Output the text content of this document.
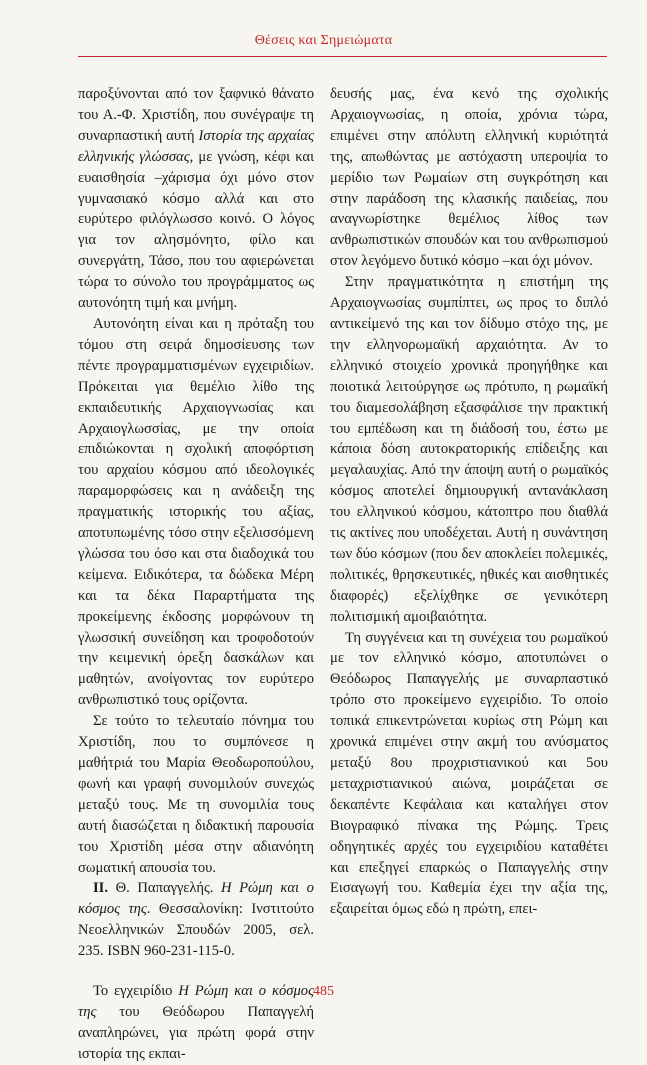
Θέσεις και Σημειώματα

παροξύνονται από τον ξαφνικό θάνατο του Α.-Φ. Χριστίδη, που συνέγραψε τη συναρπαστική αυτή Ιστορία της αρχαίας ελληνικής γλώσσας, με γνώση, κέφι και ευαισθησία –χάρισμα όχι μόνο στον γυμνασιακό κόσμο αλλά και στο ευρύτερο φιλόγλωσσο κοινό. Ο λόγος για τον αλησμόνητο, φίλο και συνεργάτη, Τάσο, που του αφιερώνεται τώρα το σύνολο του προγράμματος ως αυτονόητη τιμή και μνήμη.

Αυτονόητη είναι και η πρόταξη του τόμου στη σειρά δημοσίευσης των πέντε προγραμματισμένων εγχειριδίων. Πρόκειται για θεμέλιο λίθο της εκπαιδευτικής Αρχαιογνωσίας και Αρχαιογλωσσίας, με την οποία επιδιώκονται η σχολική αποφόρτιση του αρχαίου κόσμου από ιδεολογικές παραμορφώσεις και η ανάδειξη της πραγματικής ιστορικής του αξίας, αποτυπωμένης τόσο στην εξελισσόμενη γλώσσα του όσο και στα διαδοχικά του κείμενα. Ειδικότερα, τα δώδεκα Μέρη και τα δέκα Παραρτήματα της προκείμενης έκδοσης μορφώνουν τη γλωσσική συνείδηση και τροφοδοτούν την κειμενική όρεξη δασκάλων και μαθητών, ανοίγοντας τον ευρύτερο ανθρωπιστικό τους ορίζοντα.

Σε τούτο το τελευταίο πόνημα του Χριστίδη, που το συμπόνεσε η μαθήτριά του Μαρία Θεοδωροπούλου, φωνή και γραφή συνομιλούν συνεχώς μεταξύ τους. Με τη συνομιλία τους αυτή διασώζεται η διδακτική παρουσία του Χριστίδη μέσα στην αδιανόητη σωματική απουσία του.

ΙΙ. Θ. Παπαγγελής. Η Ρώμη και ο κόσμος της. Θεσσαλονίκη: Ινστιτούτο Νεοελληνικών Σπουδών 2005, σελ. 235. ISBN 960-231-115-0.

Το εγχειρίδιο Η Ρώμη και ο κόσμος της του Θεόδωρου Παπαγγελή αναπληρώνει, για πρώτη φορά στην ιστορία της εκπαι-

δευσής μας, ένα κενό της σχολικής Αρχαιογνωσίας, η οποία, χρόνια τώρα, επιμένει στην απόλυτη ελληνική κυριότητά της, απωθώντας με αστόχαστη υπεροψία το μερίδιο των Ρωμαίων στη συγκρότηση και στην παράδοση της κλασικής παιδείας, που αναγνωρίστηκε θεμέλιος λίθος των ανθρωπιστικών σπουδών και του ανθρωπισμού στον λεγόμενο δυτικό κόσμο –και όχι μόνον.

Στην πραγματικότητα η επιστήμη της Αρχαιογνωσίας συμπίπτει, ως προς το διπλό αντικείμενό της και τον δίδυμο στόχο της, με την ελληνορωμαϊκή αρχαιότητα. Αν το ελληνικό στοιχείο χρονικά προηγήθηκε και ποιοτικά λειτούργησε ως πρότυπο, η ρωμαϊκή του διαμεσολάβηση εξασφάλισε την πρακτική του εμπέδωση και τη διάδοσή του, έστω με κάποια δόση αυτοκρατορικής επίδειξης και μεγαλαυχίας. Από την άποψη αυτή ο ρωμαϊκός κόσμος αποτελεί δημιουργική αντανάκλαση του ελληνικού κόσμου, κάτοπτρο που διαθλά τις ακτίνες που υποδέχεται. Αυτή η συνάντηση των δύο κόσμων (που δεν αποκλείει πολεμικές, πολιτικές, θρησκευτικές, ηθικές και αισθητικές διαφορές) εξελίχθηκε σε γενικότερη πολιτισμική αμοιβαιότητα.

Τη συγγένεια και τη συνέχεια του ρωμαϊκού με τον ελληνικό κόσμο, αποτυπώνει ο Θεόδωρος Παπαγγελής με συναρπαστικό τρόπο στο προκείμενο εγχειρίδιο. Το οποίο τοπικά επικεντρώνεται κυρίως στη Ρώμη και χρονικά επιμένει στην ακμή του ανύσματος μεταξύ 8ου προχριστιανικού και 5ου μεταχριστιανικού αιώνα, μοιράζεται σε δεκαπέντε Κεφάλαια και καταλήγει στον Βιογραφικό πίνακα της Ρώμης. Τρεις οδηγητικές αρχές του εγχειριδίου καταθέτει και επεξηγεί επαρκώς ο Παπαγγελής στην Εισαγωγή του. Καθεμία έχει την αξία της, εξαιρείται όμως εδώ η πρώτη, επει-

485
